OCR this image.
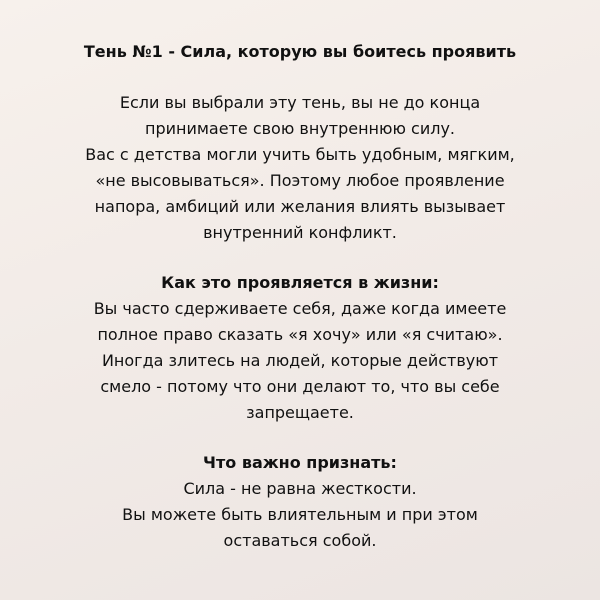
Тень №1 - Сила, которую вы боитесь проявить
Если вы выбрали эту тень, вы не до конца
принимаете свою внутреннюю силу.
Вас с детства могли учить быть удобным, мягким,
«не высовываться». Поэтому любое проявление
напора, амбиций или желания влиять вызывает
внутренний конфликт.
Как это проявляется в жизни:
Вы часто сдерживаете себя, даже когда имеете
полное право сказать «я хочу» или «я считаю».
Иногда злитесь на людей, которые действуют
смело - потому что они делают то, что вы себе
запрещаете.
Что важно признать:
Сила - не равна жесткости.
Вы можете быть влиятельным и при этом
оставаться собой.
